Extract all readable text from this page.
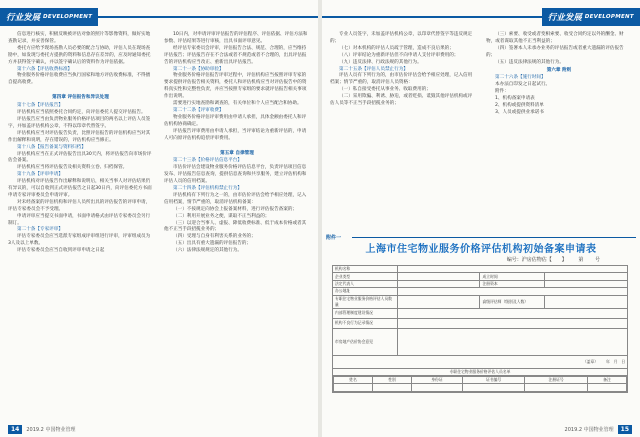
行业发展 DEVELOPMENT

信息进行核实，积极反映被评估对象的照片等影像资料，做好实地查勘记录，并妥善保管。

委托方应给予现场查勘人员必要的配合与协助，评估人员在现场查勘中，如发现与委托方提供的资料和信息存在差异的，应及时通知委托方并获得签字确认，并以签字确认后的资料作为评估依据。

第十六条【评估收费标准】

物业服务价格评估收费应当执行国家和地方评估收费标准，不得擅自提高收费。

第四章 评估报告和异议处理

第十七条【评估报告】

评估机构应当依照委托合同约定，向评估委托人提交评估报告。

评估报告应当由负责物业服务价格评估项目的两名以上评估人员签字，并加盖评估机构公章，不得以印章代替签字。

评估机构应当对评估报告负责，比照评估报告的评估机构应当对其作出解释和说明，存在错误的，评估机构应当修正。

第十八条【报告备案与资料归档】

评估机构应当在正式评估报告出具30天内，将评估报告向市场价评估会备案。

评估机构应当将评估报告及相关资料立卷、归档保管。

第十九条【评审申请】

评估机构对评估报告作出解释和说明后，相关当事人对评估结果仍有异议的，可以自收到正式评估报告之日起30日内，向评估委托方书面申请专家评审委员会申请评审。

对未经备案的评估机构和评估人员所出具的评估报告的评审申请，评估专家委员会不予受理。

申请评审应当提交书面申请，书面申请格式由评估专家委员会另行制订。

第二十条【专家评审】

评估专家委员会应当选派专家组成评审组进行评审，评审组成员为3人及以上单数。

评估专家委员会应当自收到评审申请之日起

10日内，对申请评审评估报告的评估程序、评估依据、评估方法和参数、评估结果等进行审核，出具书面评审意见。

经评估专家委员会评审，评估报告合法、规范、合理的，应当维持评估报告；评估报告存在不合法或者不规范或者不合理的，出具评估报告的评估机构应当改正、重新出具评估报告。

第二十一条【协助审验】

物业服务价格评估报告评审过程中，评估机构应当按照评审专家的要求提供评估报告相关资料，委托人和评估机构应当对评估报告中的资料真实性和完整性负责，并应当按照专家组的要求就评估报告相关事项作出说明。

需要进行实地查勘和调查的，有关单位和个人应当配合和协助。

第二十二条【评审收费】

物业服务价格评估评审费用由申请人承担，具体金额由委托人和评估机构协商确定。

评估报告评审费用由申请人承担，当评审结论为重新评估的，申请人可向原评估机构追偿评审费用。

第五章 自律管理

第二十三条【价格评估信息平台】

市估价评估会建设物业服务价格评估信息平台，负责评估项目信息发布、评估报告信息查询，提供信息查询和共享服务，建立评估机构和评估人员的信用档案。

第二十四条【评估机构禁止行为】

评估机构有下列行为之一的，由市估价评估会给予相应处理，记入信用档案，情节严重的，取消评估机构备案：

（一）不按规定向协会上报备案材料，进行评估报告备案的；

（二）利用开展业务之便，谋取不正当利益的；

（三）以迎合当事人、虚报、降低收费标准、低于成本价格或者其他不正当手段招揽业务的；

（四）受理与自身有利害关系的业务的；

（五）出具有重大遗漏的评估报告的；

（六）法律法规规定的其他行为。

14	2019.2 中国物业管理
行业发展 DEVELOPMENT

专业人员签字，未加盖评估机构公章，以印章代替签字等违反规定的；

（七）对本机构的评估人员疏于管理，造成不良后果的；

（八）评审结论为重新评估但不向申请人支付评审费用的；

（九）违反法律、行政法规的其他行为。

第二十五条【评估人员禁止行为】

评估人员有下列行为的，由市估价评估会给予相应处理，记入信用档案；情节严重的，取消评估人员资格：

（一）私自接受委托从事业务、收取费用的；

（二）采用欺骗、利诱、胁迫，或者贬损、诋毁其他评估机构或评估人员等不正当手段招揽业务的；

（三）索要、收受或者变相索要、收受合同约定以外的酬金、财物，或者谋取其他不正当利益的；

（四）签署本人未承办业务的评估报告或者重大遗漏的评估报告的；

（五）违反法律法规的其他行为。

第六章 附则

第二十六条【施行时间】

本办法自印发之日起试行。

附件：

1、机构备案申请表

2、机构或提供资料清单

3、人员或提供业承诺书

附件一
上海市住宅物业服务价格评估机构初始备案申请表
编号：沪房估物估【 】 第 号
机构名称	
企业类型		成立时间	
法定代表人		注册资本	
办公地址	
专职住宅物业服务价格评估人员数量		高级评估师（级别及人数）	
内部管理制度建设情况	
机构不良行为记录情况	
市房地产估价协会意见	
（盖章） 年　月　日
专职住宅物业服务价格评估人员名单

姓名	性别	身份证	证书编号	注册证号	备注

2019.2 中国物业管理	15
